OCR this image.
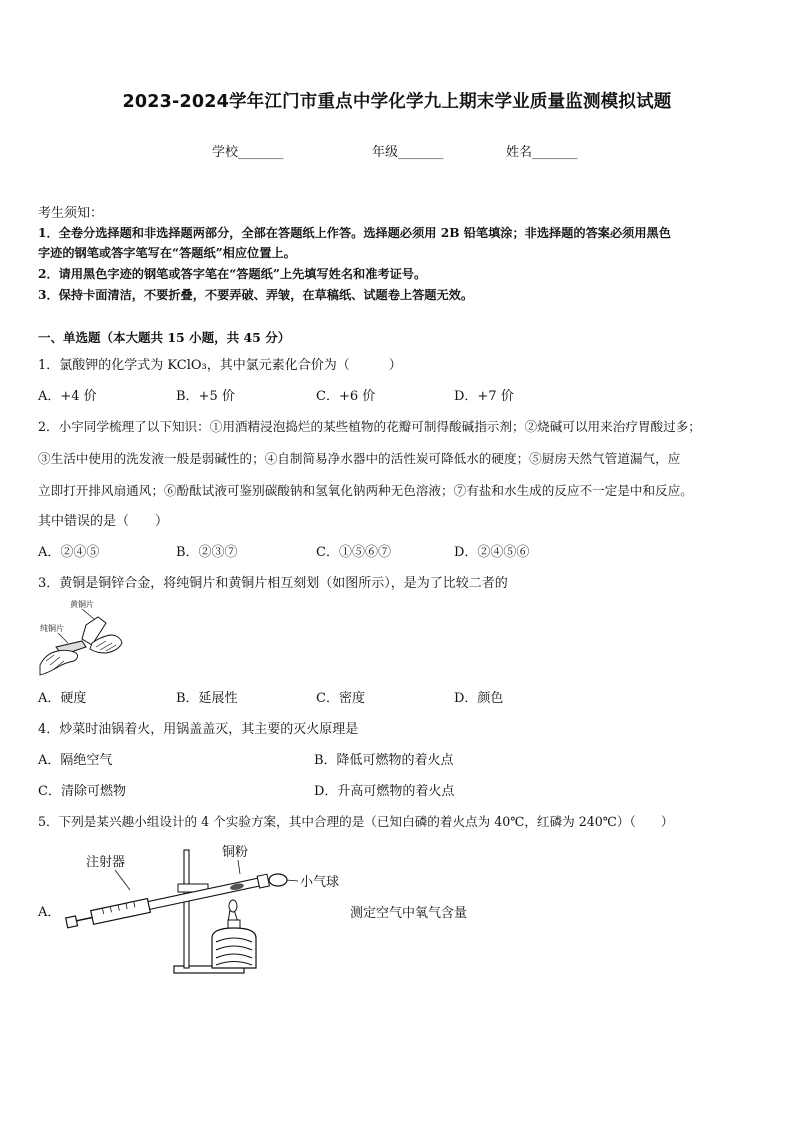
2023-2024学年江门市重点中学化学九上期末学业质量监测模拟试题
学校_______	年级_______	姓名_______
考生须知：
1．全卷分选择题和非选择题两部分，全部在答题纸上作答。选择题必须用 2B 铅笔填涂；非选择题的答案必须用黑色
字迹的钢笔或答字笔写在“答题纸”相应位置上。
2．请用黑色字迹的钢笔或答字笔在“答题纸”上先填写姓名和准考证号。
3．保持卡面清洁，不要折叠，不要弄破、弄皱，在草稿纸、试题卷上答题无效。
一、单选题（本大题共 15 小题，共 45 分）
1．氯酸钾的化学式为 KClO₃，其中氯元素化合价为（　　　）
A．+4 价	B．+5 价	C．+6 价	D．+7 价
2．小宇同学梳理了以下知识：①用酒精浸泡捣烂的某些植物的花瓣可制得酸碱指示剂；②烧碱可以用来治疗胃酸过多；
③生活中使用的洗发液一般是弱碱性的；④自制简易净水器中的活性炭可降低水的硬度；⑤厨房天然气管道漏气，应
立即打开排风扇通风；⑥酚酞试液可鉴别碳酸钠和氢氧化钠两种无色溶液；⑦有盐和水生成的反应不一定是中和反应。
其中错误的是（　　）
A．②④⑤	B．②③⑦	C．①⑤⑥⑦	D．②④⑤⑥
3．黄铜是铜锌合金，将纯铜片和黄铜片相互刻划（如图所示），是为了比较二者的
黄铜片
纯铜片
A．硬度	B．延展性	C．密度	D．颜色
4．炒菜时油锅着火，用锅盖盖灭，其主要的灭火原理是
A．隔绝空气	B．降低可燃物的着火点
C．清除可燃物	D．升高可燃物的着火点
5．下列是某兴趣小组设计的 4 个实验方案，其中合理的是（已知白磷的着火点为 40℃，红磷为 240℃）（　　）
A．
注射器
铜粉
小气球
测定空气中氧气含量
